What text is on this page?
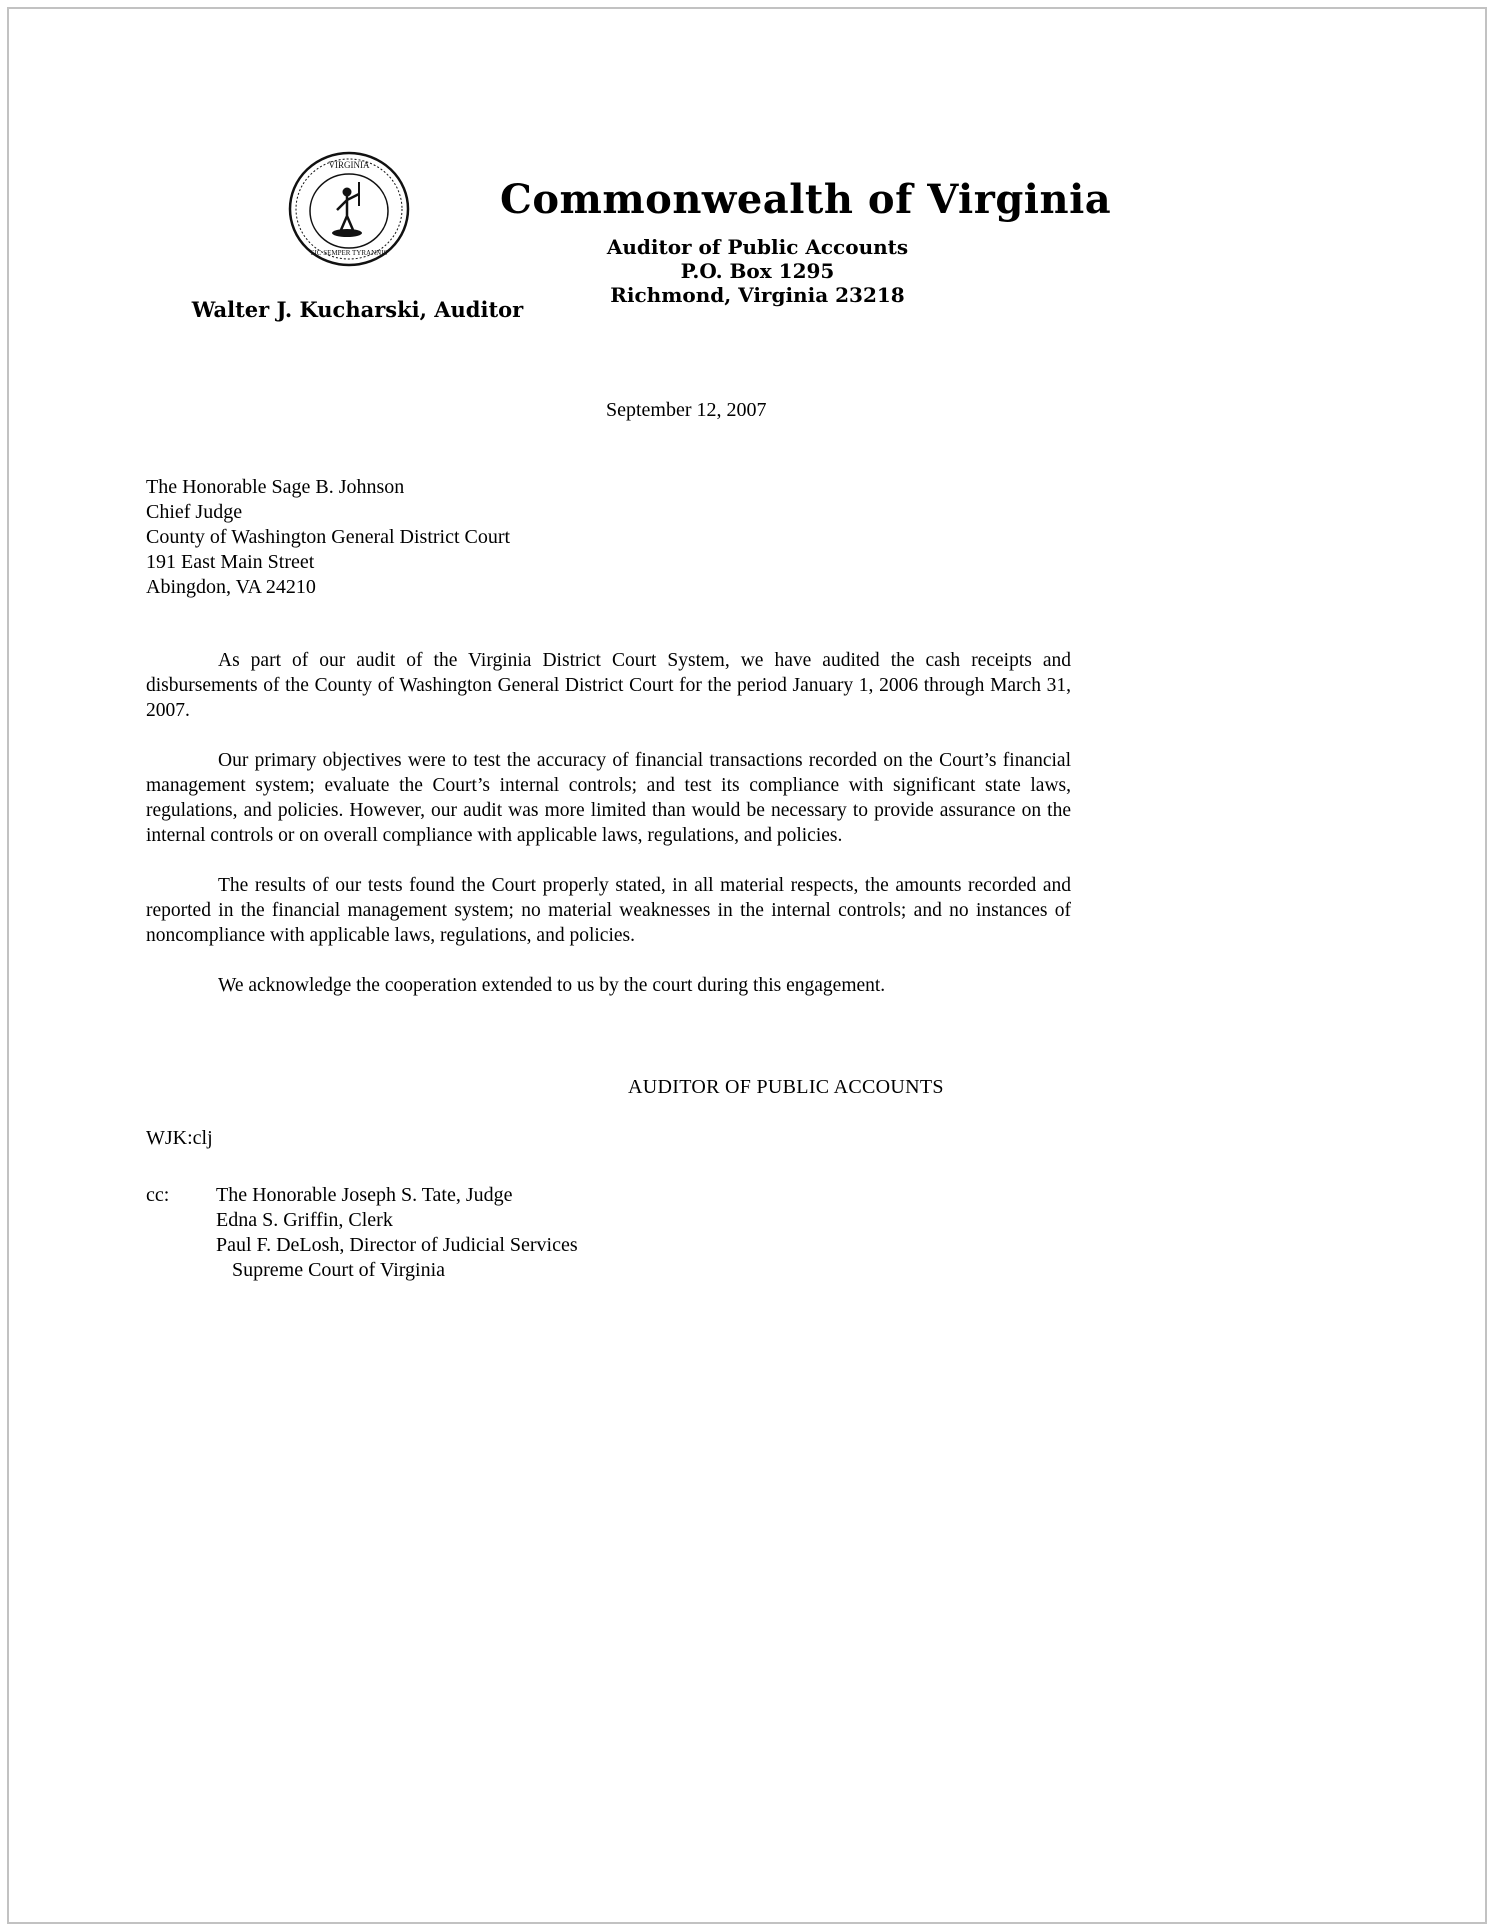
VIRGINIA
SIC SEMPER TYRANNIS
Walter J. Kucharski, Auditor
Commonwealth of Virginia
Auditor of Public Accounts
P.O. Box 1295
Richmond, Virginia 23218
September 12, 2007
The Honorable Sage B. Johnson
Chief Judge
County of Washington General District Court
191 East Main Street
Abingdon, VA 24210

As part of our audit of the Virginia District Court System, we have audited the cash receipts and disbursements of the County of Washington General District Court for the period January 1, 2006 through March 31, 2007.

Our primary objectives were to test the accuracy of financial transactions recorded on the Court’s financial management system; evaluate the Court’s internal controls; and test its compliance with significant state laws, regulations, and policies. However, our audit was more limited than would be necessary to provide assurance on the internal controls or on overall compliance with applicable laws, regulations, and policies.

The results of our tests found the Court properly stated, in all material respects, the amounts recorded and reported in the financial management system; no material weaknesses in the internal controls; and no instances of noncompliance with applicable laws, regulations, and policies.

We acknowledge the cooperation extended to us by the court during this engagement.

AUDITOR OF PUBLIC ACCOUNTS
WJK:clj
cc:	The Honorable Joseph S. Tate, Judge
Edna S. Griffin, Clerk
Paul F. DeLosh, Director of Judicial Services
Supreme Court of Virginia
